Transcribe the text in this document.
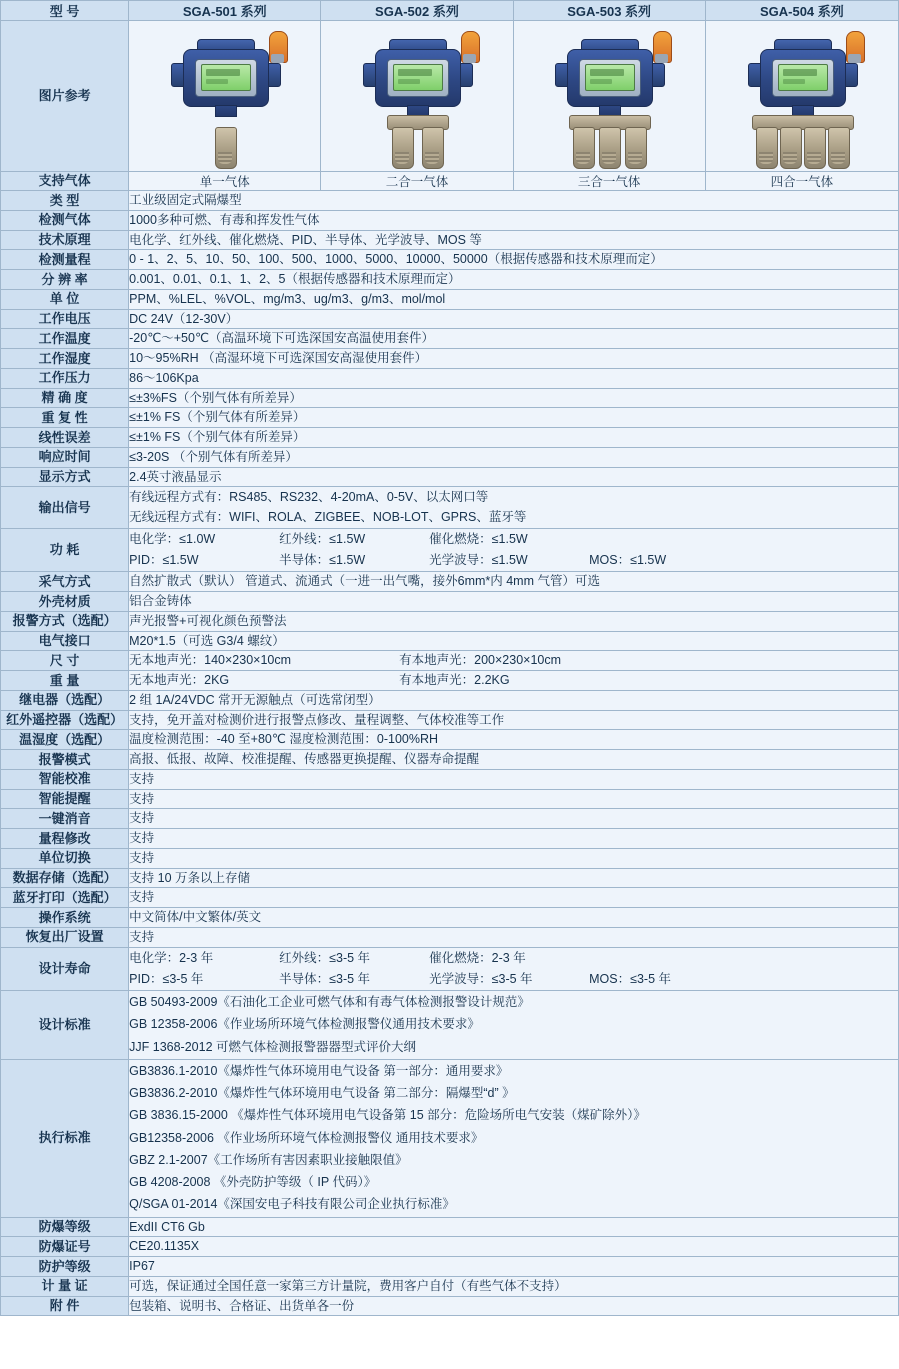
型 号	SGA-501 系列	SGA-502 系列	SGA-503 系列	SGA-504 系列
图片参考	

支持气体	单一气体	二合一气体	三合一气体	四合一气体
类 型	工业级固定式隔爆型			
检测气体	1000多种可燃、有毒和挥发性气体			
技术原理	电化学、红外线、催化燃烧、PID、半导体、光学波导、MOS 等			
检测量程	0 - 1、2、5、10、50、100、500、1000、5000、10000、50000（根据传感器和技术原理而定）			
分 辨 率	0.001、0.01、0.1、1、2、5（根据传感器和技术原理而定）			
单 位	PPM、%LEL、%VOL、mg/m3、ug/m3、g/m3、mol/mol			
工作电压	DC 24V（12-30V）			
工作温度	-20℃～+50℃（高温环境下可选深国安高温使用套件）			
工作湿度	10～95%RH （高湿环境下可选深国安高湿使用套件）			
工作压力	86～106Kpa			
精 确 度	≤±3%FS（个别气体有所差异）			
重 复 性	≤±1% FS（个别气体有所差异）			
线性误差	≤±1% FS（个别气体有所差异）			
响应时间	≤3-20S （个别气体有所差异）			
显示方式	2.4英寸液晶显示			
输出信号	有线远程方式有：RS485、RS232、4-20mA、0-5V、以太网口等
无线远程方式有：WIFI、ROLA、ZIGBEE、NOB-LOT、GPRS、蓝牙等			

功 耗	
电化学：≤1.0W	红外线：≤1.5W	催化燃烧：≤1.5W
PID：≤1.5W	半导体：≤1.5W	光学波导：≤1.5W	MOS：≤1.5W

采气方式	自然扩散式（默认） 管道式、流通式（一进一出气嘴，接外6mm*内 4mm 气管）可选			
外壳材质	铝合金铸体			
报警方式（选配）	声光报警+可视化颜色预警法			
电气接口	M20*1.5（可选 G3/4 螺纹）			
尺 寸	无本地声光：140×230×10cm 有本地声光：200×230×10cm			

重 量	无本地声光：2KG 有本地声光：2.2KG			

继电器（选配）	2 组 1A/24VDC 常开无源触点（可选常闭型）			
红外遥控器（选配）	支持，免开盖对检测价进行报警点修改、量程调整、气体校准等工作			
温湿度（选配）	温度检测范围：-40 至+80℃ 湿度检测范围：0-100%RH			
报警模式	高报、低报、故障、校准提醒、传感器更换提醒、仪器寿命提醒			
智能校准	支持			
智能提醒	支持			
一键消音	支持			
量程修改	支持			
单位切换	支持			
数据存储（选配）	支持 10 万条以上存储			
蓝牙打印（选配）	支持			
操作系统	中文简体/中文繁体/英文			
恢复出厂设置	支持			
设计寿命	
电化学：2-3 年	红外线：≤3-5 年	催化燃烧：2-3 年
PID：≤3-5 年	半导体：≤3-5 年	光学波导：≤3-5 年	MOS：≤3-5 年

设计标准	GB 50493-2009《石油化工企业可燃气体和有毒气体检测报警设计规范》
GB 12358-2006《作业场所环境气体检测报警仪通用技术要求》
JJF 1368-2012 可燃气体检测报警器器型式评价大纲			

执行标准	
GB3836.1-2010《爆炸性气体环境用电气设备 第一部分：通用要求》
GB3836.2-2010《爆炸性气体环境用电气设备 第二部分：隔爆型“d” 》
GB 3836.15-2000 《爆炸性气体环境用电气设备第 15 部分：危险场所电气安装（煤矿除外）》
GB12358-2006 《作业场所环境气体检测报警仪 通用技术要求》
GBZ 2.1-2007《工作场所有害因素职业接触限值》
GB 4208-2008 《外壳防护等级（ IP 代码）》
Q/SGA 01-2014《深国安电子科技有限公司企业执行标准》

防爆等级	ExdII CT6 Gb			
防爆证号	CE20.1135X			
防护等级	IP67			
计 量 证	可选，保证通过全国任意一家第三方计量院，费用客户自付（有些气体不支持）			
附 件	包装箱、说明书、合格证、出货单各一份			
